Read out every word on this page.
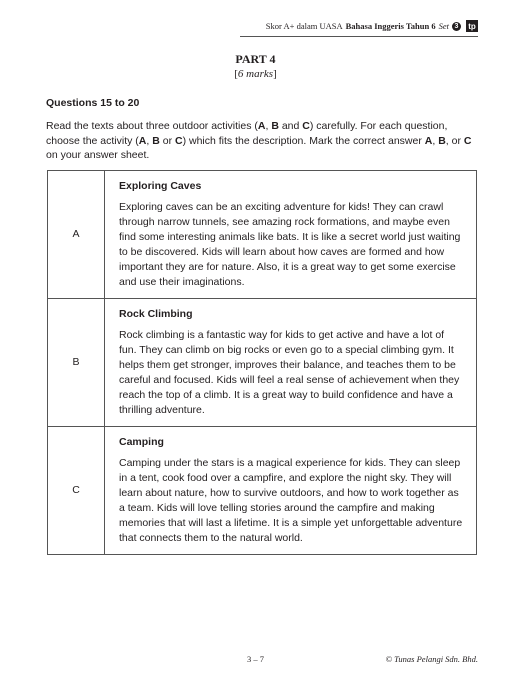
Skor A+ dalam UASA Bahasa Inggeris Tahun 6 Set 3	tp
PART 4
[6 marks]
Questions 15 to 20
Read the texts about three outdoor activities (A, B and C) carefully. For each question, choose the activity (A, B or C) which fits the description. Mark the correct answer A, B, or C on your answer sheet.
A	Exploring Caves

Exploring caves can be an exciting adventure for kids! They can crawl through narrow tunnels, see amazing rock formations, and maybe even find some interesting animals like bats. It is like a secret world just waiting to be discovered. Kids will learn about how caves are formed and how important they are for nature. Also, it is a great way to get some exercise and use their imaginations.

B	Rock Climbing

Rock climbing is a fantastic way for kids to get active and have a lot of fun. They can climb on big rocks or even go to a special climbing gym. It helps them get stronger, improves their balance, and teaches them to be careful and focused. Kids will feel a real sense of achievement when they reach the top of a climb. It is a great way to build confidence and have a thrilling adventure.

C	Camping

Camping under the stars is a magical experience for kids. They can sleep in a tent, cook food over a campfire, and explore the night sky. They will learn about nature, how to survive outdoors, and how to work together as a team. Kids will love telling stories around the campfire and making memories that will last a lifetime. It is a simple yet unforgettable adventure that connects them to the natural world.

3 – 7	© Tunas Pelangi Sdn. Bhd.
